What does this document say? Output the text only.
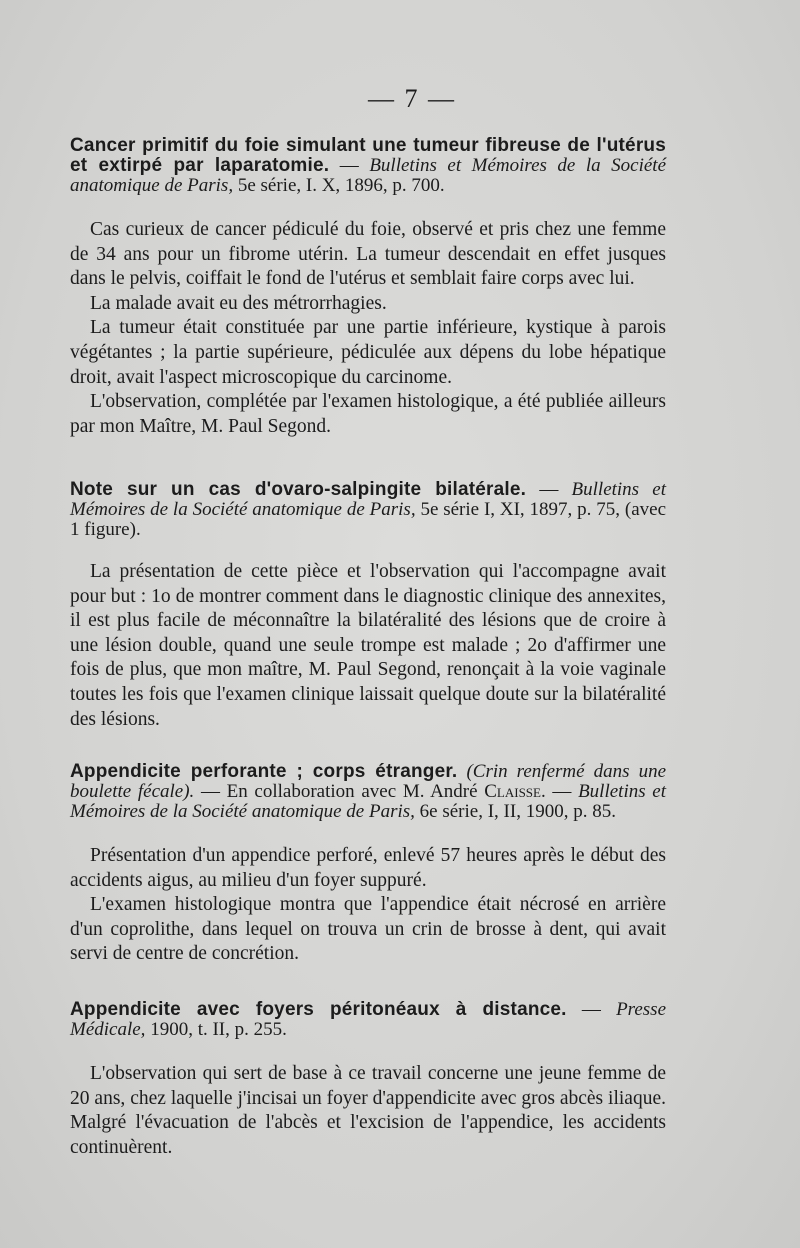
— 7 —

Cancer primitif du foie simulant une tumeur fibreuse de l'utérus et extirpé par laparatomie. — Bulletins et Mémoires de la Société anatomique de Paris, 5e série, I. X, 1896, p. 700.

Cas curieux de cancer pédiculé du foie, observé et pris chez une femme de 34 ans pour un fibrome utérin. La tumeur descendait en effet jusques dans le pelvis, coiffait le fond de l'utérus et semblait faire corps avec lui.

La malade avait eu des métrorrhagies.

La tumeur était constituée par une partie inférieure, kystique à parois végétantes ; la partie supérieure, pédiculée aux dépens du lobe hépatique droit, avait l'aspect microscopique du carcinome.

L'observation, complétée par l'examen histologique, a été publiée ailleurs par mon Maître, M. Paul Segond.

Note sur un cas d'ovaro-salpingite bilatérale. — Bulletins et Mémoires de la Société anatomique de Paris, 5e série I, XI, 1897, p. 75, (avec 1 figure).

La présentation de cette pièce et l'observation qui l'accompagne avait pour but : 1o de montrer comment dans le diagnostic clinique des annexites, il est plus facile de méconnaître la bilatéralité des lésions que de croire à une lésion double, quand une seule trompe est malade ; 2o d'affirmer une fois de plus, que mon maître, M. Paul Segond, renonçait à la voie vaginale toutes les fois que l'examen clinique laissait quelque doute sur la bilatéralité des lésions.

Appendicite perforante ; corps étranger. (Crin renfermé dans une boulette fécale). — En collaboration avec M. André Claisse. — Bulletins et Mémoires de la Société anatomique de Paris, 6e série, I, II, 1900, p. 85.

Présentation d'un appendice perforé, enlevé 57 heures après le début des accidents aigus, au milieu d'un foyer suppuré.

L'examen histologique montra que l'appendice était nécrosé en arrière d'un coprolithe, dans lequel on trouva un crin de brosse à dent, qui avait servi de centre de concrétion.

Appendicite avec foyers péritonéaux à distance. — Presse Médicale, 1900, t. II, p. 255.

L'observation qui sert de base à ce travail concerne une jeune femme de 20 ans, chez laquelle j'incisai un foyer d'appendicite avec gros abcès iliaque. Malgré l'évacuation de l'abcès et l'excision de l'appendice, les accidents continuèrent.
